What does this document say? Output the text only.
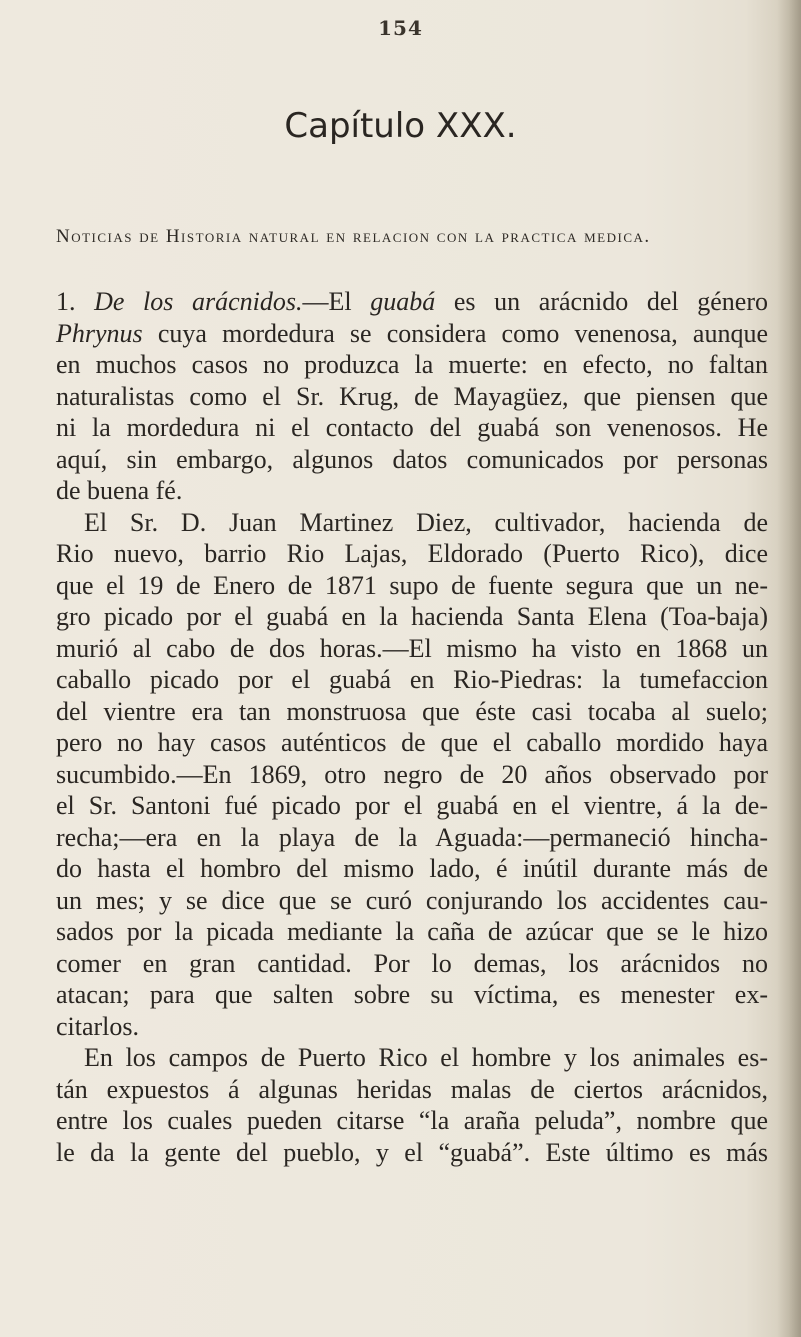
154
Capítulo XXX.
Noticias de Historia natural en relacion con la practica medica.
1. De los arácnidos.—El guabá es un arácnido del género
Phrynus cuya mordedura se considera como venenosa, aunque
en muchos casos no produzca la muerte: en efecto, no faltan
naturalistas como el Sr. Krug, de Mayagüez, que piensen que
ni la mordedura ni el contacto del guabá son venenosos. He
aquí, sin embargo, algunos datos comunicados por personas
de buena fé.
El Sr. D. Juan Martinez Diez, cultivador, hacienda de
Rio nuevo, barrio Rio Lajas, Eldorado (Puerto Rico), dice
que el 19 de Enero de 1871 supo de fuente segura que un ne-
gro picado por el guabá en la hacienda Santa Elena (Toa-baja)
murió al cabo de dos horas.—El mismo ha visto en 1868 un
caballo picado por el guabá en Rio-Piedras: la tumefaccion
del vientre era tan monstruosa que éste casi tocaba al suelo;
pero no hay casos auténticos de que el caballo mordido haya
sucumbido.—En 1869, otro negro de 20 años observado por
el Sr. Santoni fué picado por el guabá en el vientre, á la de-
recha;—era en la playa de la Aguada:—permaneció hincha-
do hasta el hombro del mismo lado, é inútil durante más de
un mes; y se dice que se curó conjurando los accidentes cau-
sados por la picada mediante la caña de azúcar que se le hizo
comer en gran cantidad. Por lo demas, los arácnidos no
atacan; para que salten sobre su víctima, es menester ex-
citarlos.
En los campos de Puerto Rico el hombre y los animales es-
tán expuestos á algunas heridas malas de ciertos arácnidos,
entre los cuales pueden citarse “la araña peluda”, nombre que
le da la gente del pueblo, y el “guabá”. Este último es más
